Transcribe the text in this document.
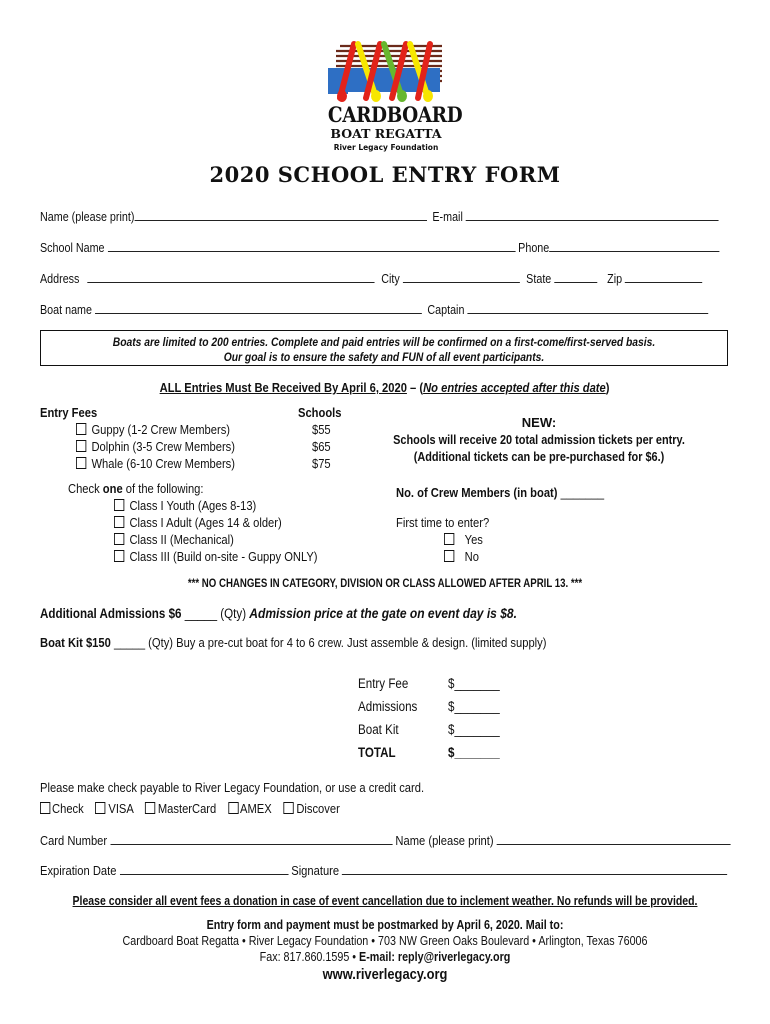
CARDBOARD
BOAT REGATTA
River Legacy Foundation
2020 SCHOOL ENTRY FORM
Name (please print)	E-mail
School Name	Phone
Address	City	State	Zip
Boat name	Captain
Boats are limited to 200 entries. Complete and paid entries will be confirmed on a first-come/first-served basis.
Our goal is to ensure the safety and FUN of all event participants.
ALL Entries Must Be Received By April 6, 2020 – (No entries accepted after this date)
Entry Fees	Schools
Guppy (1-2 Crew Members)	$55
Dolphin (3-5 Crew Members)	$65
Whale (6-10 Crew Members)	$75
NEW:
Schools will receive 20 total admission tickets per entry.
(Additional tickets can be pre-purchased for $6.)
Check one of the following:
Class I Youth (Ages 8-13)
Class I Adult (Ages 14 & older)
Class II (Mechanical)
Class III (Build on-site - Guppy ONLY)
No. of Crew Members (in boat) _______
First time to enter?
Yes
No
*** NO CHANGES IN CATEGORY, DIVISION OR CLASS ALLOWED AFTER APRIL 13. ***
Additional Admissions $6 _____ (Qty) Admission price at the gate on event day is $8.
Boat Kit $150 _____ (Qty) Buy a pre-cut boat for 4 to 6 crew. Just assemble & design. (limited supply)
Entry Fee	$_______
Admissions $_______
Boat Kit	$_______
TOTAL	$_______
Please make check payable to River Legacy Foundation, or use a credit card.
Check VISA MasterCard AMEX Discover
Card Number	Name (please print)
Expiration Date	Signature
Please consider all event fees a donation in case of event cancellation due to inclement weather. No refunds will be provided.
Entry form and payment must be postmarked by April 6, 2020. Mail to:
Cardboard Boat Regatta • River Legacy Foundation • 703 NW Green Oaks Boulevard • Arlington, Texas 76006
Fax: 817.860.1595 • E-mail: reply@riverlegacy.org
www.riverlegacy.org
